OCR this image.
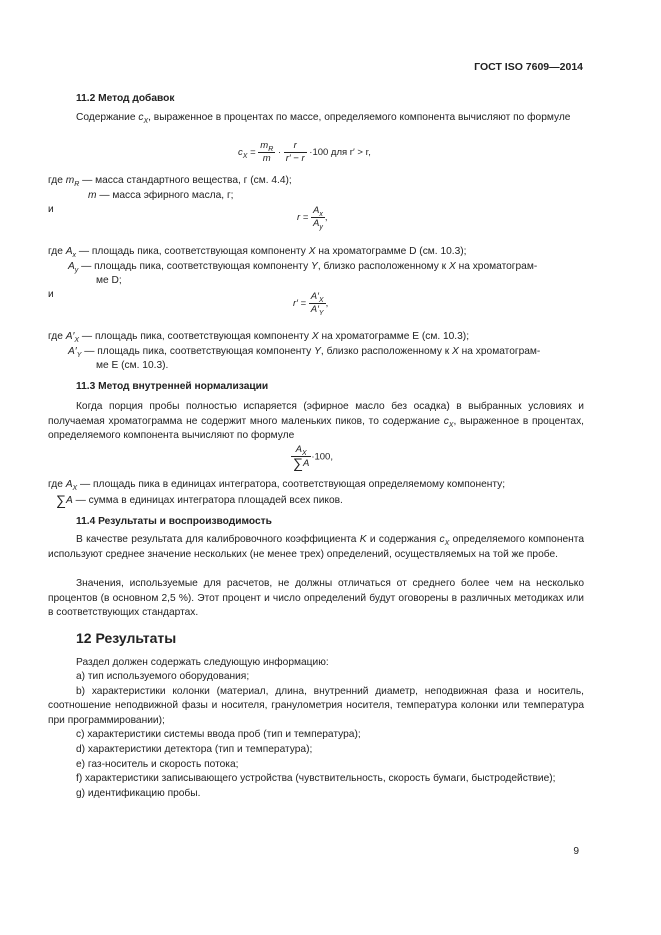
ГОСТ ISO 7609—2014
11.2 Метод добавок
Содержание $c_X$, выраженное в процентах по массе, определяемого компонента вычисляют по формуле
$c_X = \frac{m_R}{m} \cdot \frac{r}{r' - r} \cdot 100$ для r′ > r,
где $m_R$ — масса стандартного вещества, г (см. 4.4);
m — масса эфирного масла, г;
и
$r = \frac{A_x}{A_y}$ ,
где $A_x$ — площадь пика, соответствующая компоненту X на хроматограмме D (см. 10.3);
$A_y$ — площадь пика, соответствующая компоненту Y, близко расположенному к X на хроматограм-
ме D;
и
$r' = \frac{A'_X}{A'_Y}$ ,
где $A'_X$ — площадь пика, соответствующая компоненту X на хроматограмме E (см. 10.3);
$A'_Y$ — площадь пика, соответствующая компоненту Y, близко расположенному к X на хроматограм-
ме E (см. 10.3).
11.3 Метод внутренней нормализации
Когда порция пробы полностью испаряется (эфирное масло без осадка) в выбранных условиях и получаемая хроматограмма не содержит много маленьких пиков, то содержание $c_X$, выраженное в процентах, определяемого компонента вычисляют по формуле
$\frac{A_X}{\sum A} \cdot 100$,
где $A_X$ — площадь пика в единицах интегратора, соответствующая определяемому компоненту;
∑A — сумма в единицах интегратора площадей всех пиков.
11.4 Результаты и воспроизводимость
В качестве результата для калибровочного коэффициента K и содержания $c_X$ определяемого компонента используют среднее значение нескольких (не менее трех) определений, осуществляемых на той же пробе.
Значения, используемые для расчетов, не должны отличаться от среднего более чем на несколько процентов (в основном 2,5 %). Этот процент и число определений будут оговорены в различных методиках или в соответствующих стандартах.
12 Результаты
Раздел должен содержать следующую информацию:
а) тип используемого оборудования;
b) характеристики колонки (материал, длина, внутренний диаметр, неподвижная фаза и носитель, соотношение неподвижной фазы и носителя, гранулометрия носителя, температура колонки или температура при программировании);
c) характеристики системы ввода проб (тип и температура);
d) характеристики детектора (тип и температура);
e) газ-носитель и скорость потока;
f) характеристики записывающего устройства (чувствительность, скорость бумаги, быстродействие);
g) идентификацию пробы.
9
